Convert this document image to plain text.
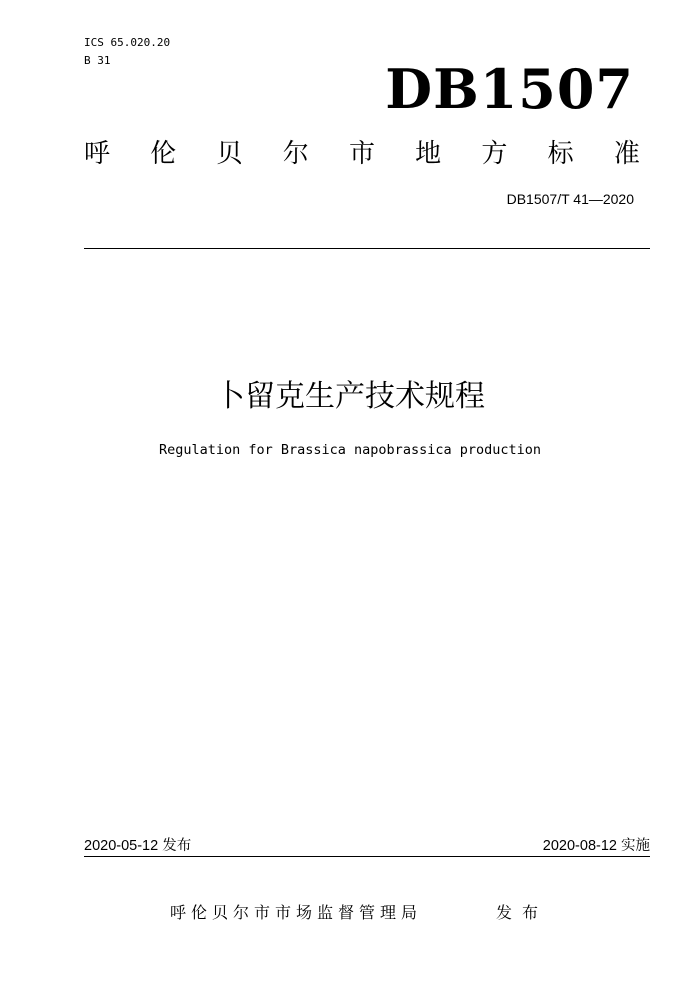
ICS 65.020.20
B 31	DB1507
呼 伦 贝 尔 市 地 方 标 准
DB1507/T 41—2020
卜留克生产技术规程
Regulation for Brassica napobrassica production
2020-05-12 发布	2020-08-12 实施
呼伦贝尔市市场监督管理局	发布
